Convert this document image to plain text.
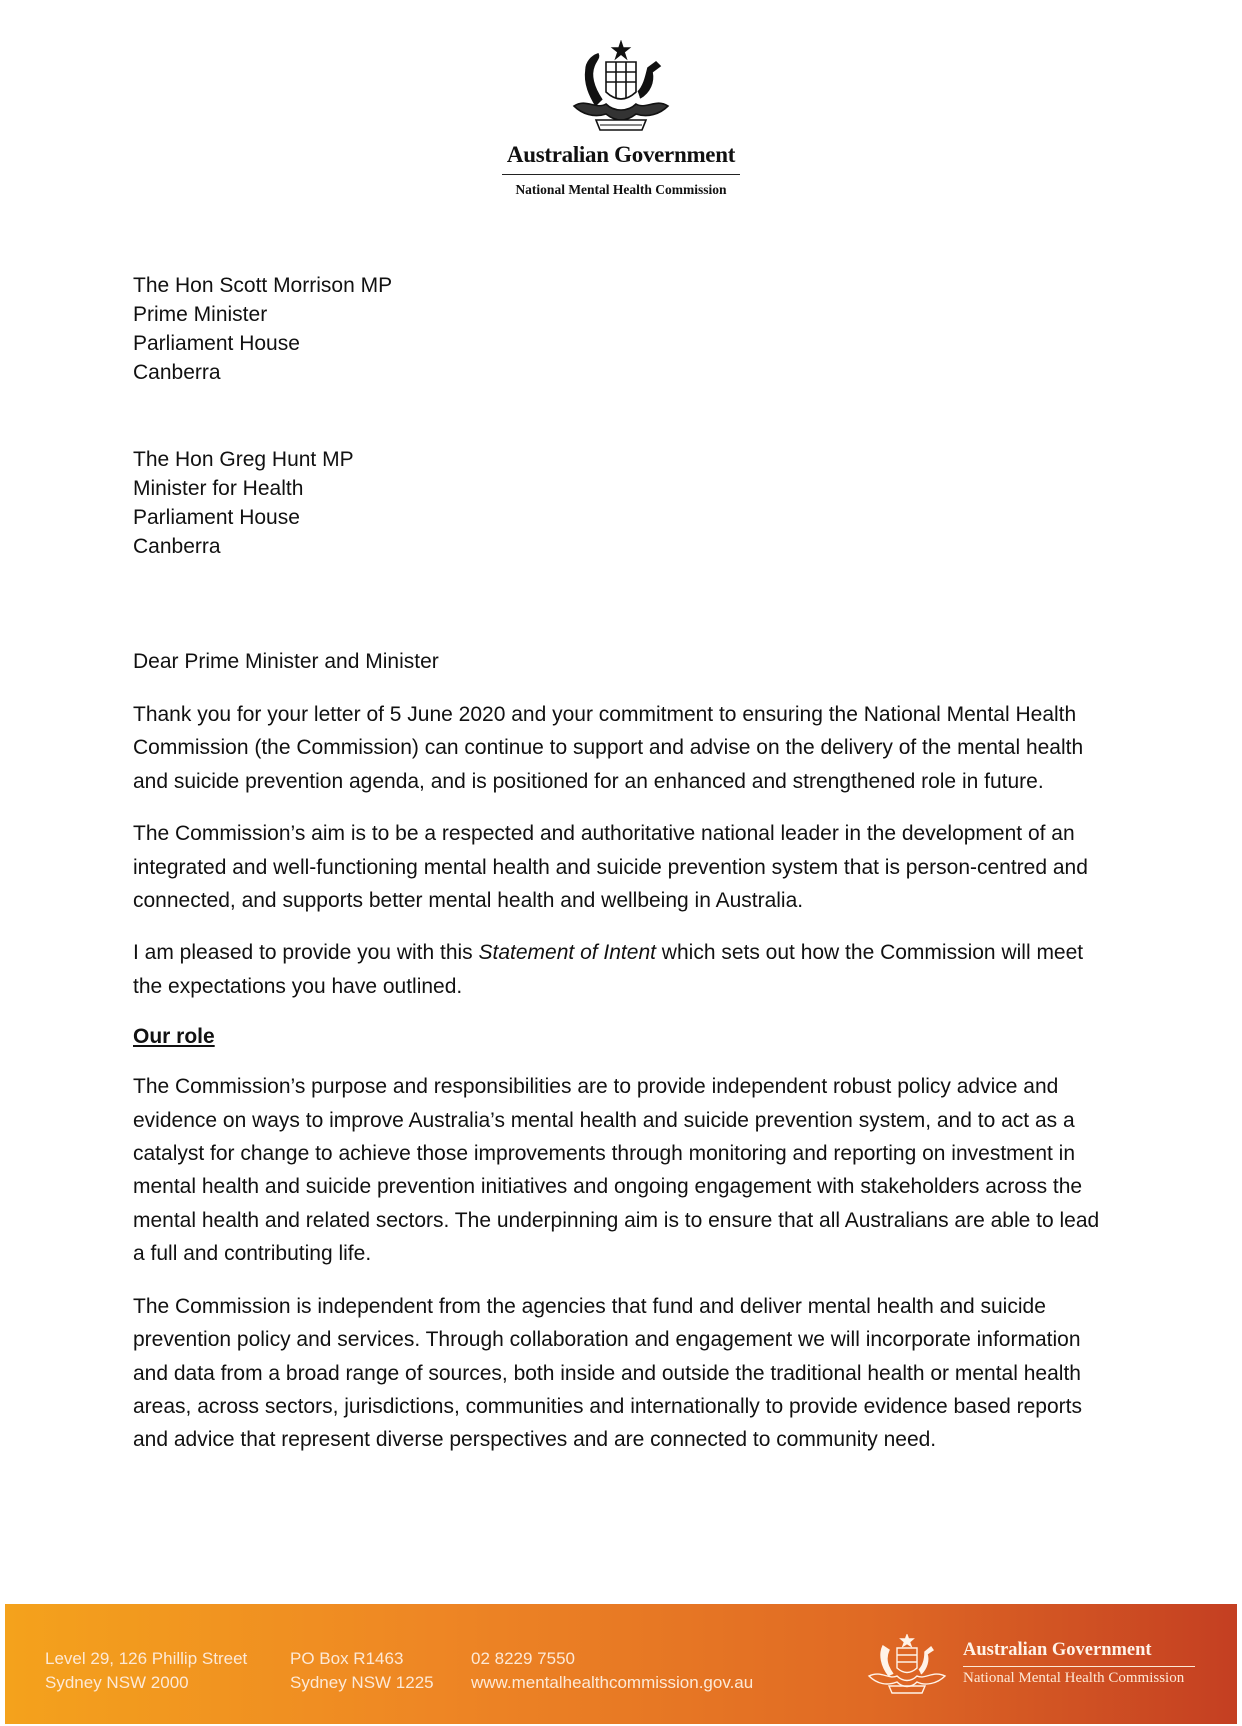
Australian Government
National Mental Health Commission
The Hon Scott Morrison MP
Prime Minister
Parliament House
Canberra
The Hon Greg Hunt MP
Minister for Health
Parliament House
Canberra

Dear Prime Minister and Minister

Thank you for your letter of 5 June 2020 and your commitment to ensuring the National Mental Health Commission (the Commission) can continue to support and advise on the delivery of the mental health and suicide prevention agenda, and is positioned for an enhanced and strengthened role in future.

The Commission’s aim is to be a respected and authoritative national leader in the development of an integrated and well-functioning mental health and suicide prevention system that is person-centred and connected, and supports better mental health and wellbeing in Australia.

I am pleased to provide you with this Statement of Intent which sets out how the Commission will meet the expectations you have outlined.

Our role

The Commission’s purpose and responsibilities are to provide independent robust policy advice and evidence on ways to improve Australia’s mental health and suicide prevention system, and to act as a catalyst for change to achieve those improvements through monitoring and reporting on investment in mental health and suicide prevention initiatives and ongoing engagement with stakeholders across the mental health and related sectors. The underpinning aim is to ensure that all Australians are able to lead a full and contributing life.

The Commission is independent from the agencies that fund and deliver mental health and suicide prevention policy and services. Through collaboration and engagement we will incorporate information and data from a broad range of sources, both inside and outside the traditional health or mental health areas, across sectors, jurisdictions, communities and internationally to provide evidence based reports and advice that represent diverse perspectives and are connected to community need.

Level 29, 126 Phillip Street
Sydney NSW 2000
PO Box R1463
Sydney NSW 1225
02 8229 7550
www.mentalhealthcommission.gov.au
Australian Government
National Mental Health Commission
